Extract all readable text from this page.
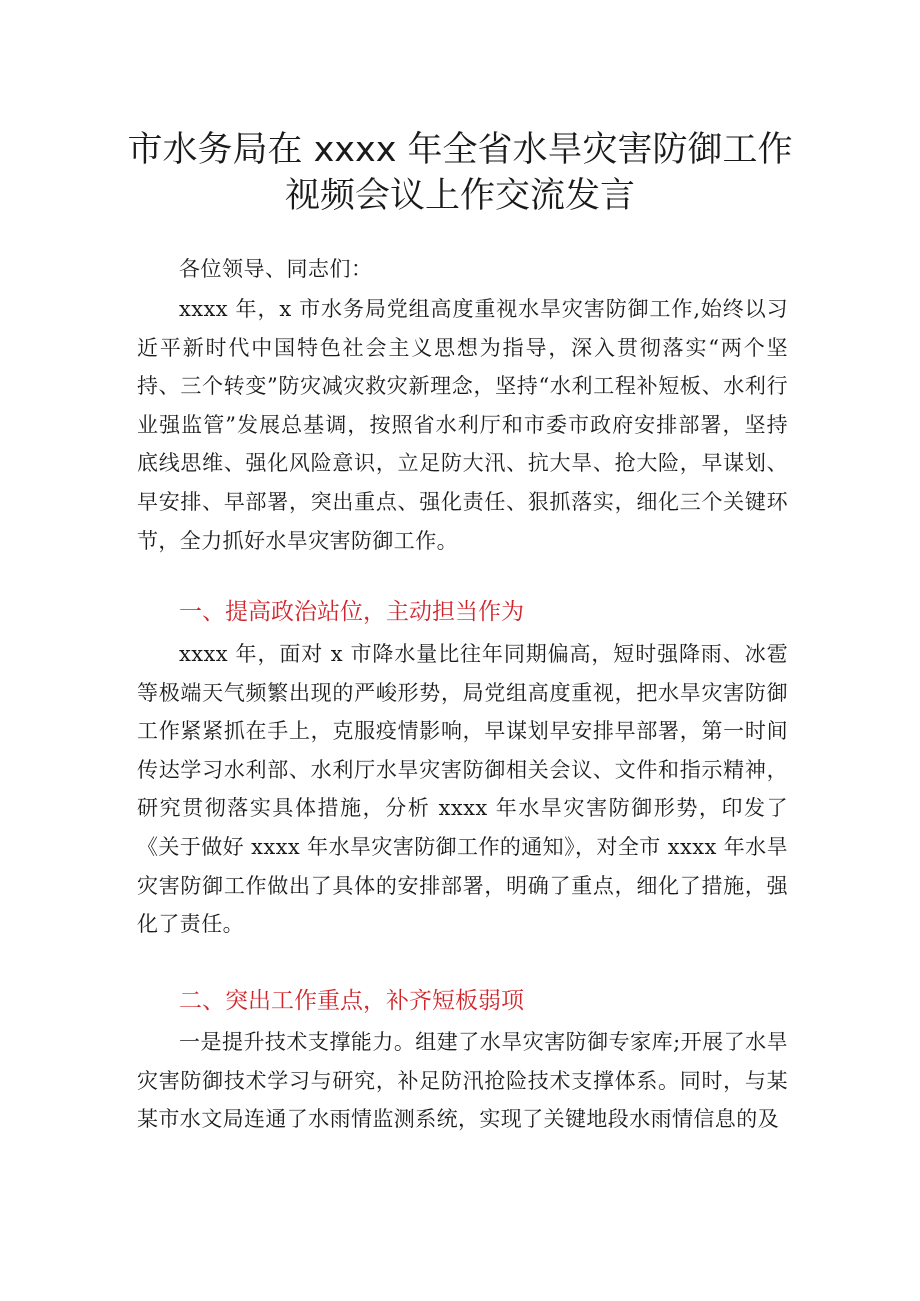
市水务局在 xxxx 年全省水旱灾害防御工作
视频会议上作交流发言
各位领导、同志们：

xxxx 年，x 市水务局党组高度重视水旱灾害防御工作,始终以习近平新时代中国特色社会主义思想为指导，深入贯彻落实“两个坚持、三个转变”防灾减灾救灾新理念，坚持“水利工程补短板、水利行业强监管”发展总基调，按照省水利厅和市委市政府安排部署，坚持底线思维、强化风险意识，立足防大汛、抗大旱、抢大险，早谋划、早安排、早部署，突出重点、强化责任、狠抓落实，细化三个关键环节，全力抓好水旱灾害防御工作。

一、提高政治站位，主动担当作为

xxxx 年，面对 x 市降水量比往年同期偏高，短时强降雨、冰雹等极端天气频繁出现的严峻形势，局党组高度重视，把水旱灾害防御工作紧紧抓在手上，克服疫情影响，早谋划早安排早部署，第一时间传达学习水利部、水利厅水旱灾害防御相关会议、文件和指示精神，研究贯彻落实具体措施，分析 xxxx 年水旱灾害防御形势，印发了《关于做好 xxxx 年水旱灾害防御工作的通知》，对全市 xxxx 年水旱灾害防御工作做出了具体的安排部署，明确了重点，细化了措施，强化了责任。

二、突出工作重点，补齐短板弱项

一是提升技术支撑能力。组建了水旱灾害防御专家库;开展了水旱灾害防御技术学习与研究，补足防汛抢险技术支撑体系。同时，与某某市水文局连通了水雨情监测系统，实现了关键地段水雨情信息的及
